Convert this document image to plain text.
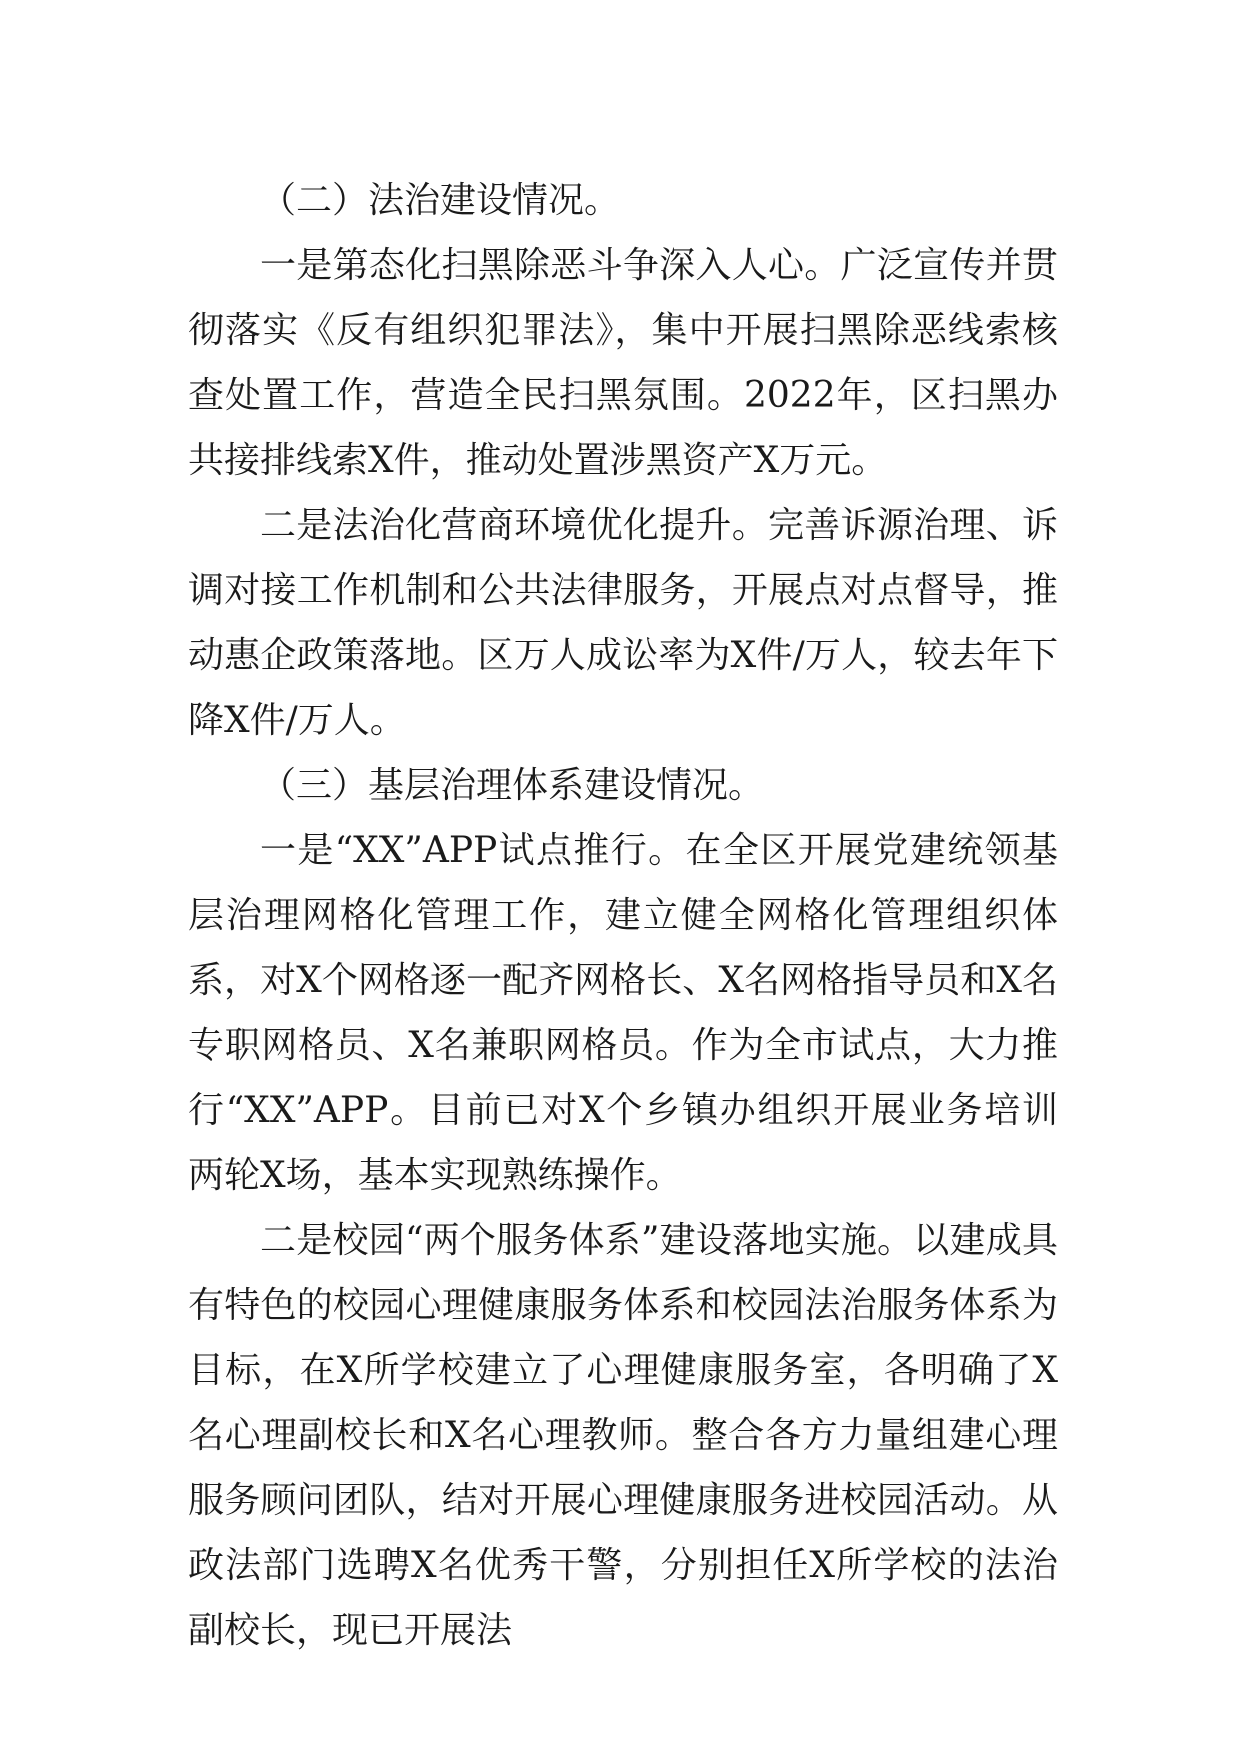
（二）法治建设情况。

一是第态化扫黑除恶斗争深入人心。广泛宣传并贯彻落实《反有组织犯罪法》，集中开展扫黑除恶线索核查处置工作，营造全民扫黑氛围。2022年，区扫黑办共接排线索X件，推动处置涉黑资产X万元。

二是法治化营商环境优化提升。完善诉源治理、诉调对接工作机制和公共法律服务，开展点对点督导，推动惠企政策落地。区万人成讼率为X件/万人，较去年下降X件/万人。

（三）基层治理体系建设情况。

一是“XX”APP试点推行。在全区开展党建统领基层治理网格化管理工作，建立健全网格化管理组织体系，对X个网格逐一配齐网格长、X名网格指导员和X名专职网格员、X名兼职网格员。作为全市试点，大力推行“XX”APP。目前已对X个乡镇办组织开展业务培训两轮X场，基本实现熟练操作。

二是校园“两个服务体系”建设落地实施。以建成具有特色的校园心理健康服务体系和校园法治服务体系为目标，在X所学校建立了心理健康服务室，各明确了X名心理副校长和X名心理教师。整合各方力量组建心理服务顾问团队，结对开展心理健康服务进校园活动。从政法部门选聘X名优秀干警，分别担任X所学校的法治副校长，现已开展法
